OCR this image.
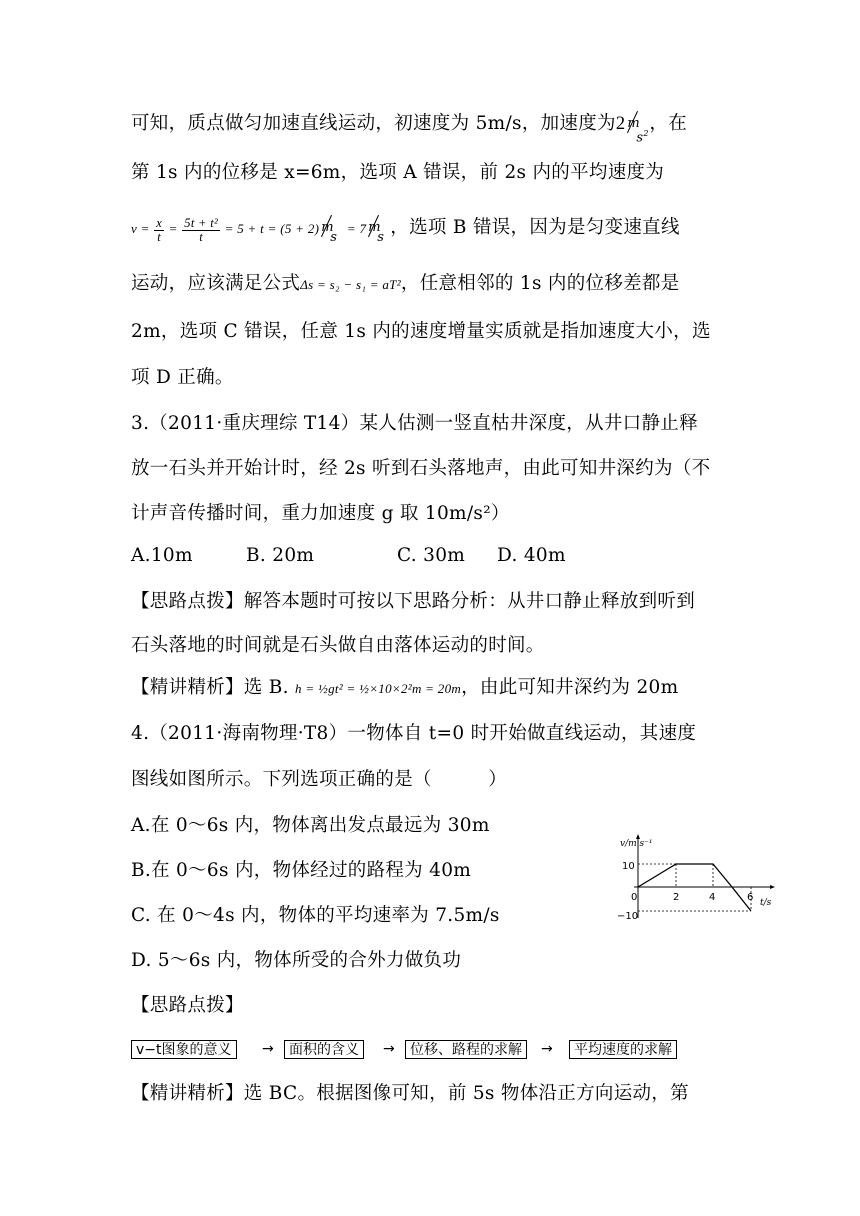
可知，质点做匀加速直线运动，初速度为 5m/s，加速度为2 m
$s^2$ ，在
第 1s 内的位移是 x=6m，选项 A 错误，前 2s 内的平均速度为
$v = \frac{x}{t} = \frac{\text{5t + t²}}{t} = 5 + t = (5 + 2)$ m
s
= 7 m
s ，选项 B 错误，因为是匀变速直线
运动，应该满足公式Δs = s₂ − s₁ = aT²，任意相邻的 1s 内的位移差都是
2m，选项 C 错误，任意 1s 内的速度增量实质就是指加速度大小，选
项 D 正确。
3.（2011·重庆理综 T14）某人估测一竖直枯井深度，从井口静止释
放一石头并开始计时，经 2s 听到石头落地声，由此可知井深约为（不
计声音传播时间，重力加速度 g 取 10m/s²）
A.10m	B. 20m	C. 30m D. 40m
【思路点拨】解答本题时可按以下思路分析：从井口静止释放到听到
石头落地的时间就是石头做自由落体运动的时间。
【精讲精析】选 B. h = ½gt² = ½×10×2²m = 20m，由此可知井深约为 20m
4.（2011·海南物理·T8）一物体自 t=0 时开始做直线运动，其速度
图线如图所示。下列选项正确的是（　　　）
A.在 0～6s 内，物体离出发点最远为 30m
B.在 0～6s 内，物体经过的路程为 40m
C. 在 0～4s 内，物体的平均速率为 7.5m/s
D. 5～6s 内，物体所受的合外力做负功
【思路点拨】
v−t图象的意义	→	面积的含义	→	位移、路程的求解	→	平均速度的求解
【精讲精析】选 BC。根据图像可知，前 5s 物体沿正方向运动，第
v/m·s⁻¹
t/s
10
−10
0	2	4	6
